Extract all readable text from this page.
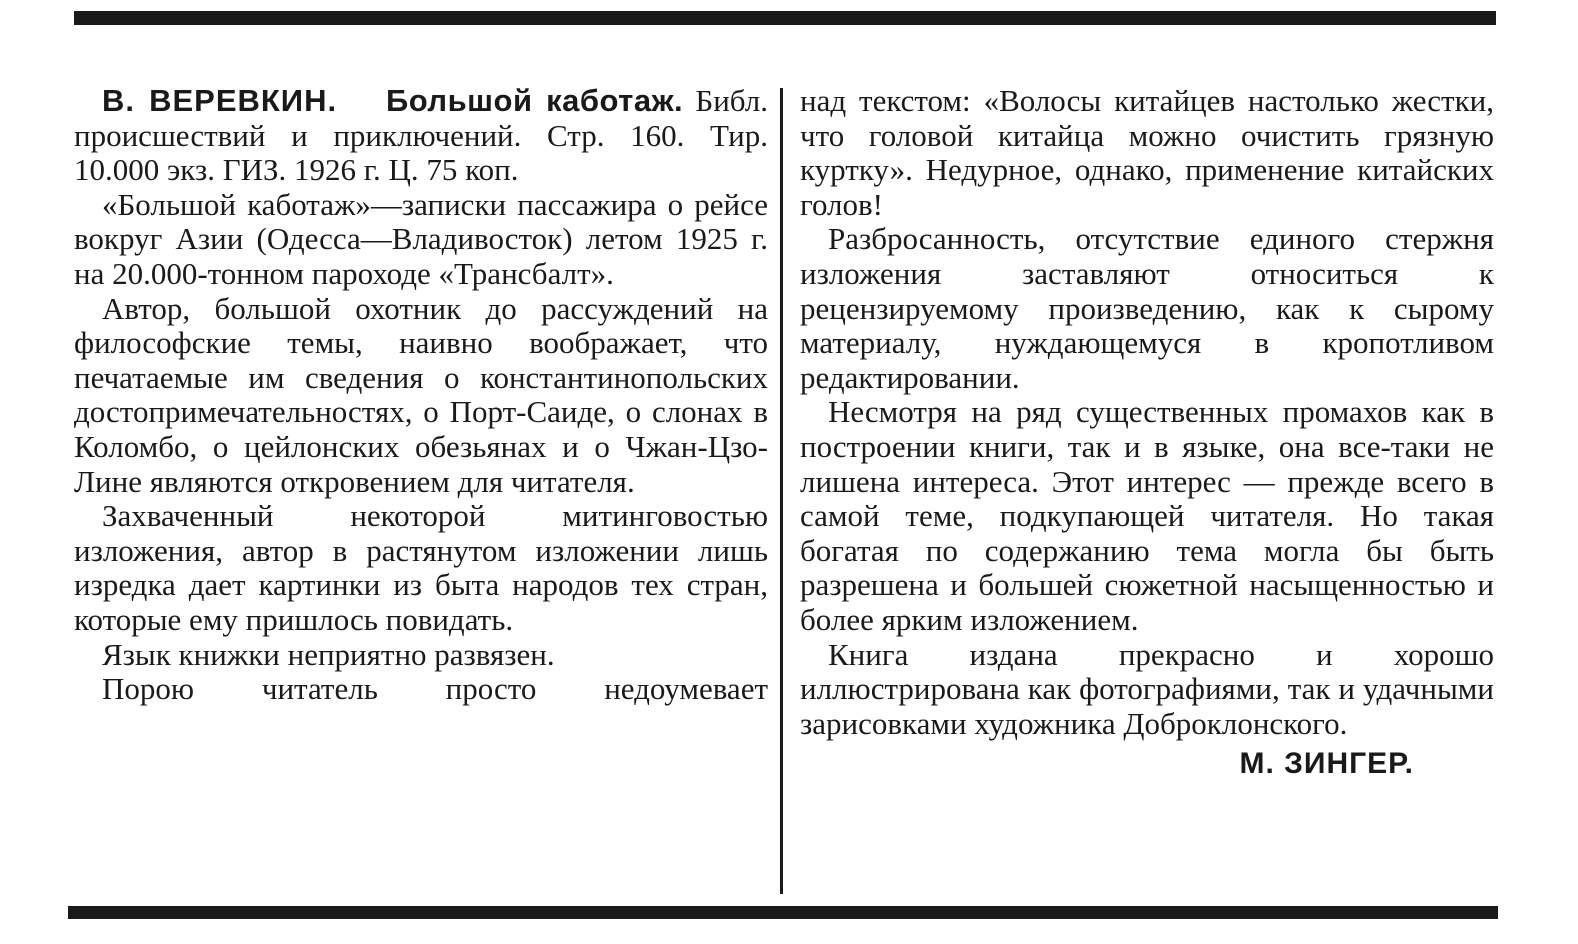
В. ВЕРЕВКИН. Большой каботаж. Библ. происшествий и приключений. Стр. 160. Тир. 10.000 экз. ГИЗ. 1926 г. Ц. 75 коп.

«Большой каботаж»—записки пассажира о рейсе вокруг Азии (Одесса—Владивосток) летом 1925 г. на 20.000-тонном пароходе «Трансбалт».

Автор, большой охотник до рассуждений на философские темы, наивно воображает, что печатаемые им сведения о константинопольских достопримечательностях, о Порт-Саиде, о слонах в Коломбо, о цейлонских обезьянах и о Чжан-Цзо-Лине являются откровением для читателя.

Захваченный некоторой митинговостью изложения, автор в растянутом изложении лишь изредка дает картинки из быта народов тех стран, которые ему пришлось повидать.

Язык книжки неприятно развязен.

Порою читатель просто недоумевает

над текстом: «Волосы китайцев настолько жестки, что головой китайца можно очистить грязную куртку». Недурное, однако, применение китайских голов!

Разбросанность, отсутствие единого стержня изложения заставляют относиться к рецензируемому произведению, как к сырому материалу, нуждающемуся в кропотливом редактировании.

Несмотря на ряд существенных промахов как в построении книги, так и в языке, она все-таки не лишена интереса. Этот интерес — прежде всего в самой теме, подкупающей читателя. Но такая богатая по содержанию тема могла бы быть разрешена и большей сюжетной насыщенностью и более ярким изложением.

Книга издана прекрасно и хорошо иллюстрирована как фотографиями, так и удачными зарисовками художника Доброклонского.

М. ЗИНГЕР.
